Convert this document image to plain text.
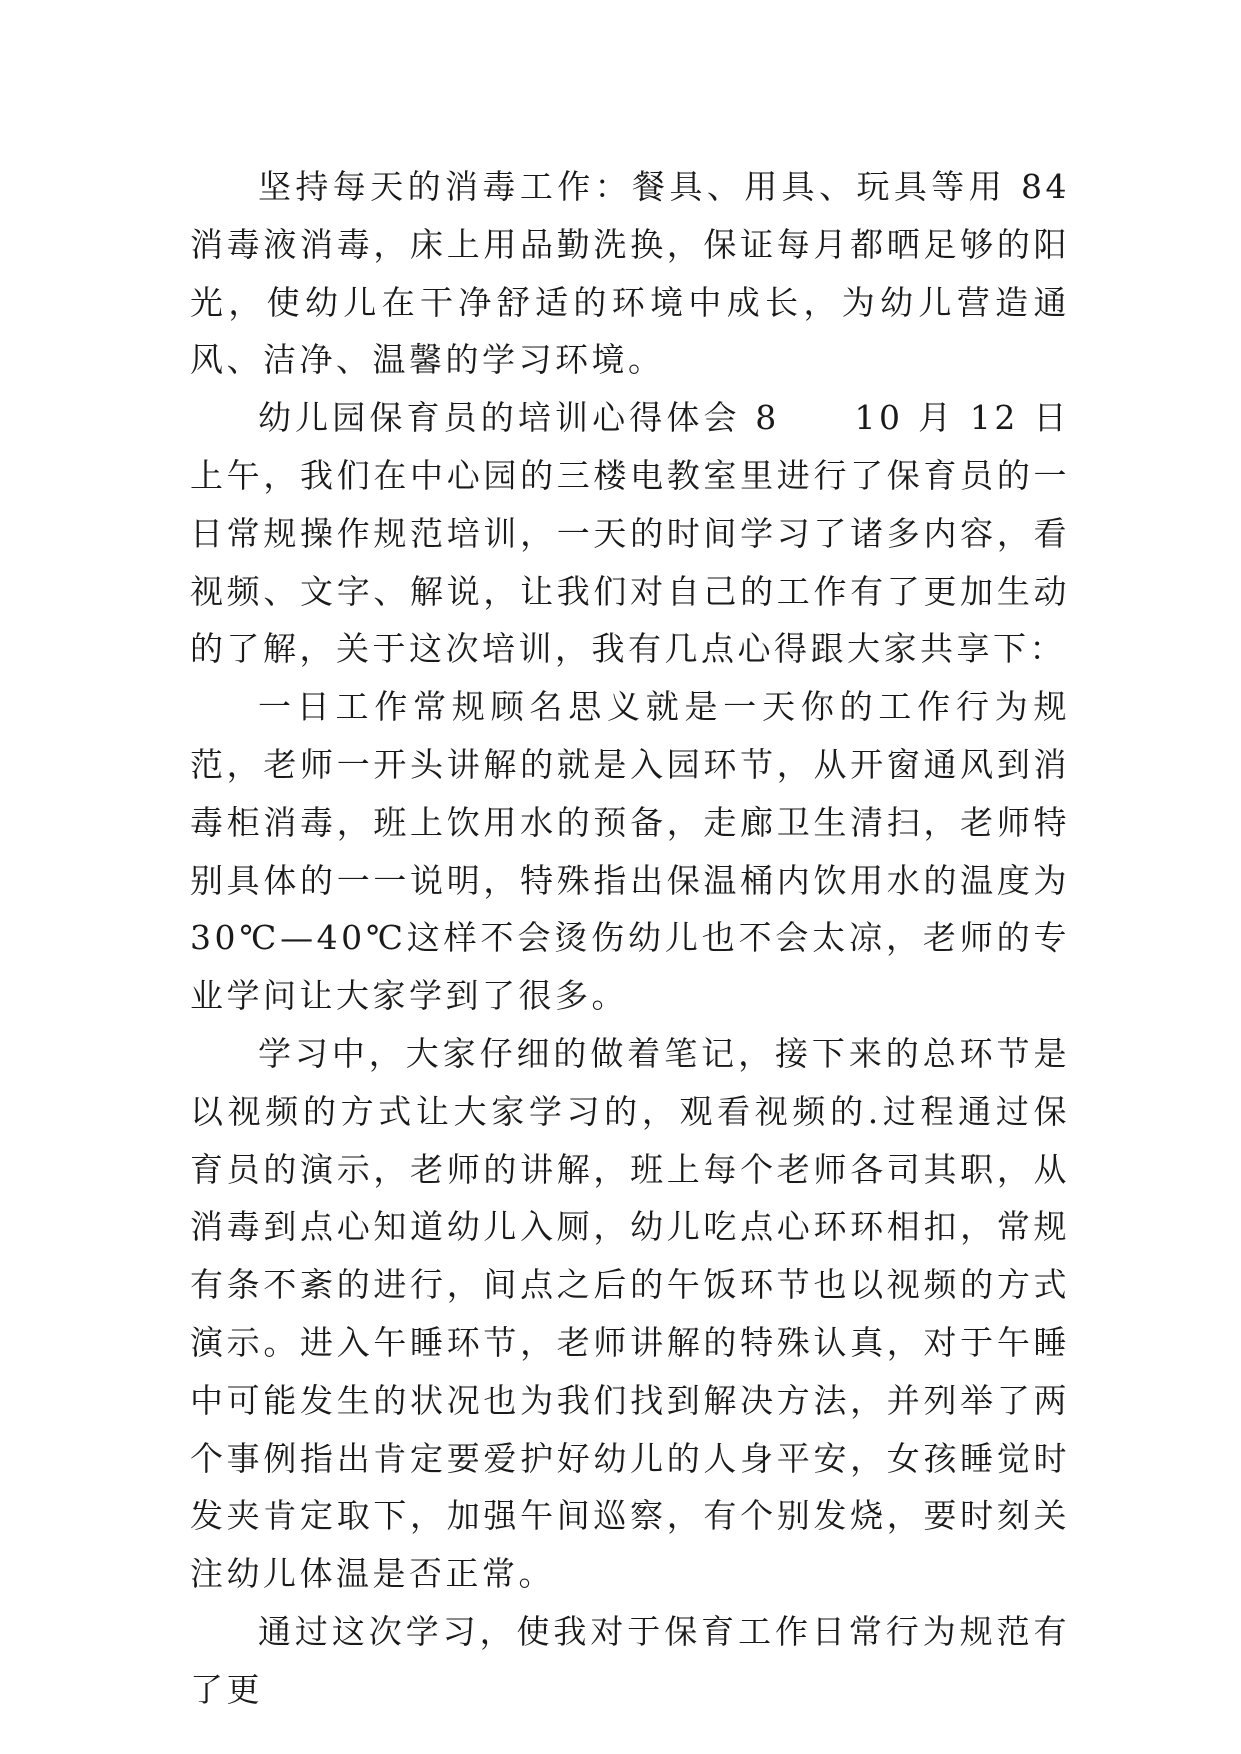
坚持每天的消毒工作：餐具、用具、玩具等用 84 消毒液消毒，床上用品勤洗换，保证每月都晒足够的阳光，使幼儿在干净舒适的环境中成长，为幼儿营造通风、洁净、温馨的学习环境。

幼儿园保育员的培训心得体会 8　　10 月 12 日上午，我们在中心园的三楼电教室里进行了保育员的一日常规操作规范培训，一天的时间学习了诸多内容，看视频、文字、解说，让我们对自己的工作有了更加生动的了解，关于这次培训，我有几点心得跟大家共享下：

一日工作常规顾名思义就是一天你的工作行为规范，老师一开头讲解的就是入园环节，从开窗通风到消毒柜消毒，班上饮用水的预备，走廊卫生清扫，老师特别具体的一一说明，特殊指出保温桶内饮用水的温度为 30℃—40℃这样不会烫伤幼儿也不会太凉，老师的专业学问让大家学到了很多。

学习中，大家仔细的做着笔记，接下来的总环节是以视频的方式让大家学习的，观看视频的.过程通过保育员的演示，老师的讲解，班上每个老师各司其职，从消毒到点心知道幼儿入厕，幼儿吃点心环环相扣，常规有条不紊的进行，间点之后的午饭环节也以视频的方式演示。进入午睡环节，老师讲解的特殊认真，对于午睡中可能发生的状况也为我们找到解决方法，并列举了两个事例指出肯定要爱护好幼儿的人身平安，女孩睡觉时发夹肯定取下，加强午间巡察，有个别发烧，要时刻关注幼儿体温是否正常。

通过这次学习，使我对于保育工作日常行为规范有了更
